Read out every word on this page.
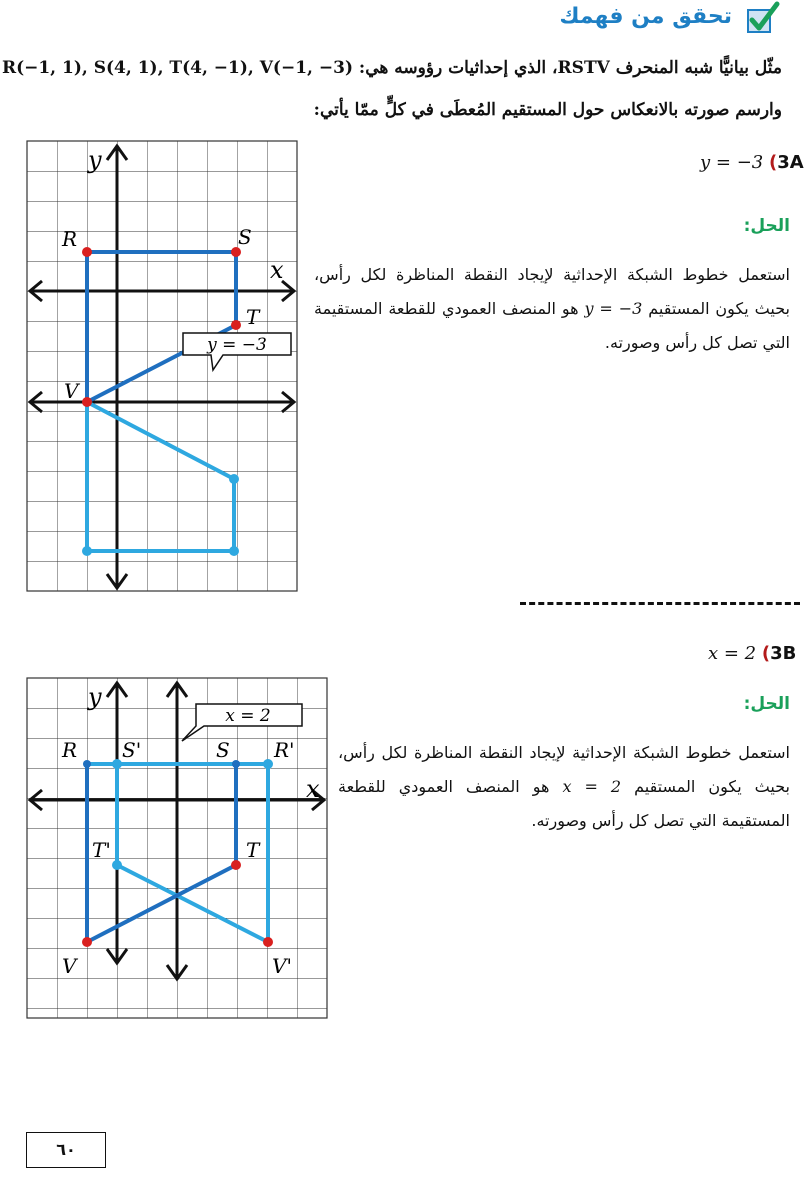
تحقق من فهمك
مثّل بيانيًّا شبه المنحرف RSTV، الذي إحداثيات رؤوسه هي: R(−1, 1), S(4, 1), T(4, −1), V(−1, −3)
وارسم صورته بالانعكاس حول المستقيم المُعطَى في كلٍّ ممّا يأتي:
y
x
R	S
T
V
y = −3
y = −3 (3A
الحل:
استعمل خطوط الشبكة الإحداثية لإيجاد النقطة المناظرة لكل رأس، بحيث يكون المستقيم y = −3 هو المنصف العمودي للقطعة المستقيمة التي تصل كل رأس وصورته.
x = 2 (3B
الحل:
استعمل خطوط الشبكة الإحداثية لإيجاد النقطة المناظرة لكل رأس، بحيث يكون المستقيم x = 2 هو المنصف العمودي للقطعة المستقيمة التي تصل كل رأس وصورته.
y
x
R S'	S R'
T'	T
V	V'
x = 2
٦٠
